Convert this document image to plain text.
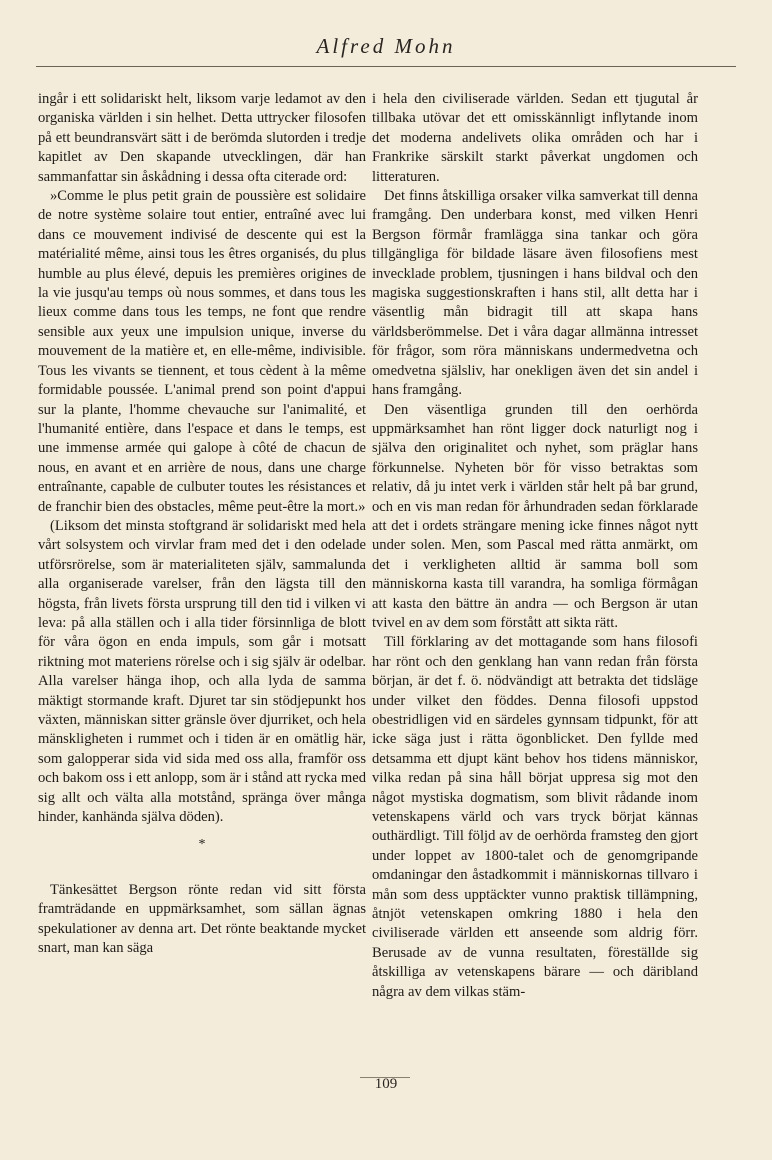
Alfred Mohn

ingår i ett solidariskt helt, liksom varje ledamot av den organiska världen i sin helhet. Detta uttrycker filosofen på ett beundransvärt sätt i de berömda slutorden i tredje kapitlet av Den skapande utvecklingen, där han sammanfattar sin åskådning i dessa ofta citerade ord:

»Comme le plus petit grain de poussière est solidaire de notre système solaire tout entier, entraîné avec lui dans ce mouvement indivisé de descente qui est la matérialité même, ainsi tous les êtres organisés, du plus humble au plus élevé, depuis les premières origines de la vie jusqu'au temps où nous sommes, et dans tous les lieux comme dans tous les temps, ne font que rendre sensible aux yeux une impulsion unique, inverse du mouvement de la matière et, en elle-même, indivisible. Tous les vivants se tiennent, et tous cèdent à la même formidable poussée. L'animal prend son point d'appui sur la plante, l'homme chevauche sur l'animalité, et l'humanité entière, dans l'espace et dans le temps, est une immense armée qui galope à côté de chacun de nous, en avant et en arrière de nous, dans une charge entraînante, capable de culbuter toutes les résistances et de franchir bien des obstacles, même peut-être la mort.»

(Liksom det minsta stoftgrand är solidariskt med hela vårt solsystem och virvlar fram med det i den odelade utförsrörelse, som är materialiteten själv, sammalunda alla organiserade varelser, från den lägsta till den högsta, från livets första ursprung till den tid i vilken vi leva: på alla ställen och i alla tider försinnliga de blott för våra ögon en enda impuls, som går i motsatt riktning mot materiens rörelse och i sig själv är odelbar. Alla varelser hänga ihop, och alla lyda de samma mäktigt stormande kraft. Djuret tar sin stödjepunkt hos växten, människan sitter gränsle över djurriket, och hela mänskligheten i rummet och i tiden är en omätlig här, som galopperar sida vid sida med oss alla, framför oss och bakom oss i ett anlopp, som är i stånd att rycka med sig allt och välta alla motstånd, spränga över många hinder, kanhända själva döden).

*

Tänkesättet Bergson rönte redan vid sitt första framträdande en uppmärksamhet, som sällan ägnas spekulationer av denna art. Det rönte beaktande mycket snart, man kan säga

i hela den civiliserade världen. Sedan ett tjugutal år tillbaka utövar det ett omisskännligt inflytande inom det moderna andelivets olika områden och har i Frankrike särskilt starkt påverkat ungdomen och litteraturen.

Det finns åtskilliga orsaker vilka samverkat till denna framgång. Den underbara konst, med vilken Henri Bergson förmår framlägga sina tankar och göra tillgängliga för bildade läsare även filosofiens mest invecklade problem, tjusningen i hans bildval och den magiska suggestionskraften i hans stil, allt detta har i väsentlig mån bidragit till att skapa hans världsberömmelse. Det i våra dagar allmänna intresset för frågor, som röra människans undermedvetna och omedvetna själsliv, har onekligen även det sin andel i hans framgång.

Den väsentliga grunden till den oerhörda uppmärksamhet han rönt ligger dock naturligt nog i själva den originalitet och nyhet, som präglar hans förkunnelse. Nyheten bör för visso betraktas som relativ, då ju intet verk i världen står helt på bar grund, och en vis man redan för århundraden sedan förklarade att det i ordets strängare mening icke finnes något nytt under solen. Men, som Pascal med rätta anmärkt, om det i verkligheten alltid är samma boll som människorna kasta till varandra, ha somliga förmågan att kasta den bättre än andra — och Bergson är utan tvivel en av dem som förstått att sikta rätt.

Till förklaring av det mottagande som hans filosofi har rönt och den genklang han vann redan från första början, är det f. ö. nödvändigt att betrakta det tidsläge under vilket den föddes. Denna filosofi uppstod obestridligen vid en särdeles gynnsam tidpunkt, för att icke säga just i rätta ögonblicket. Den fyllde med detsamma ett djupt känt behov hos tidens människor, vilka redan på sina håll börjat uppresa sig mot den något mystiska dogmatism, som blivit rådande inom vetenskapens värld och vars tryck börjat kännas outhärdligt. Till följd av de oerhörda framsteg den gjort under loppet av 1800-talet och de genomgripande omdaningar den åstadkommit i människornas tillvaro i mån som dess upptäckter vunno praktisk tillämpning, åtnjöt vetenskapen omkring 1880 i hela den civiliserade världen ett anseende som aldrig förr. Berusade av de vunna resultaten, föreställde sig åtskilliga av vetenskapens bärare — och däribland några av dem vilkas stäm-

109
